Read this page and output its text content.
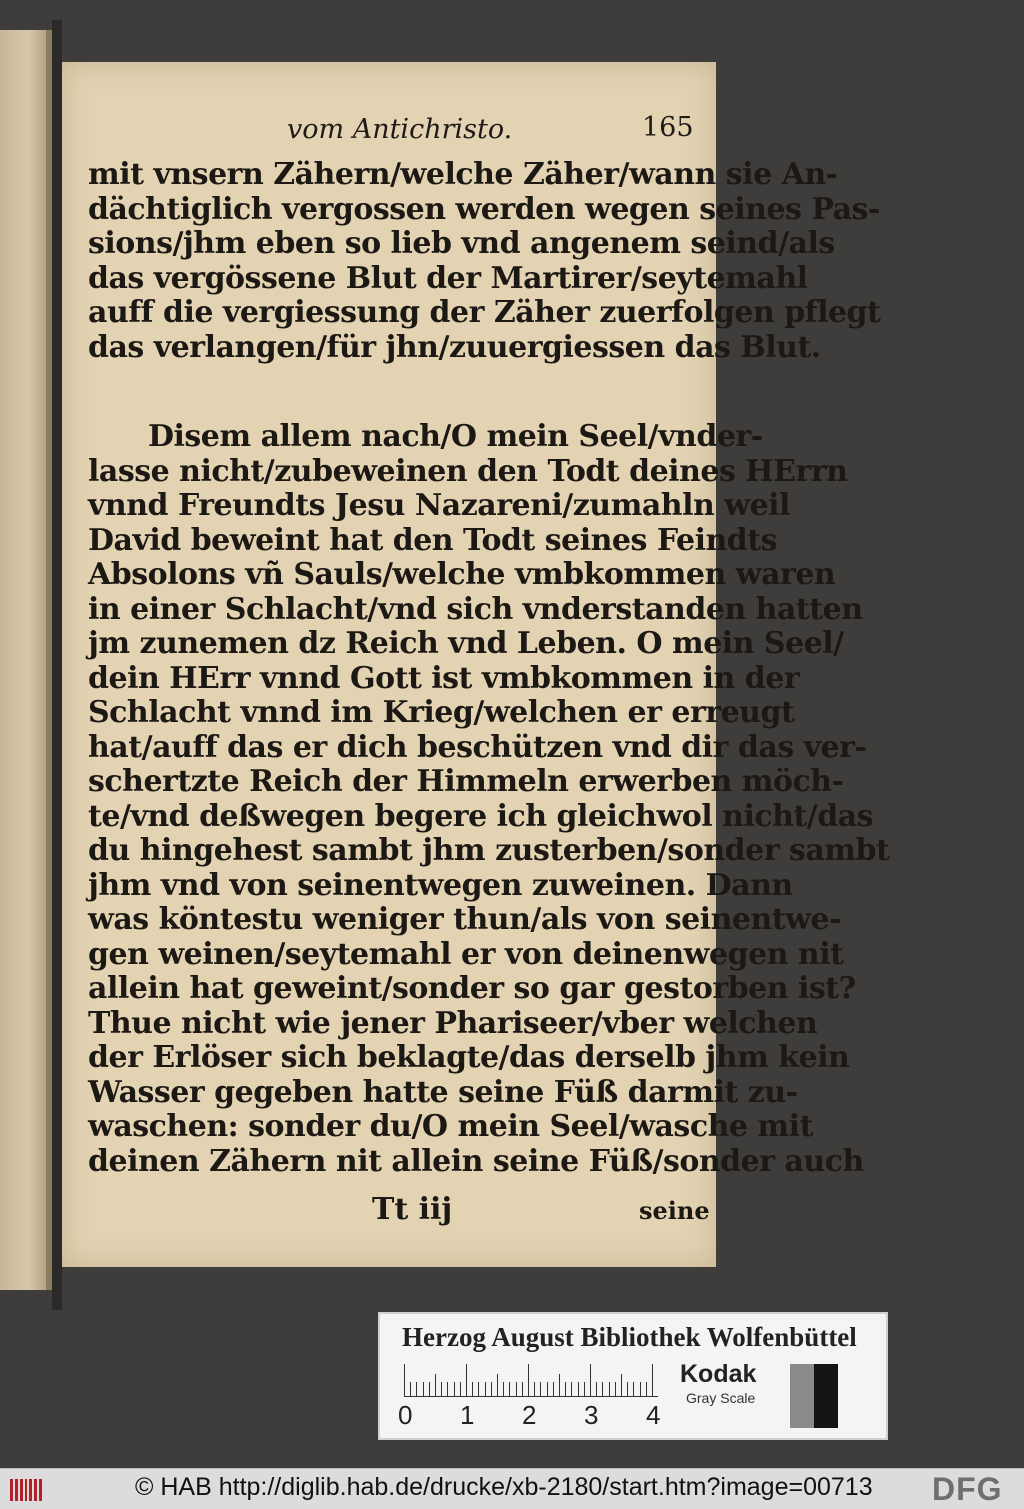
vom Antichristo.	165
mit vnsern Zähern/welche Zäher/wann sie An-
dächtiglich vergossen werden wegen seines Pas-
sions/jhm eben so lieb vnd angenem seind/als
das vergössene Blut der Martirer/seytemahl
auff die vergiessung der Zäher zuerfolgen pflegt
das verlangen/für jhn/zuuergiessen das Blut.
Disem allem nach/O mein Seel/vnder-
lasse nicht/zubeweinen den Todt deines HErrn
vnnd Freundts Jesu Nazareni/zumahln weil
David beweint hat den Todt seines Feindts
Absolons vñ Sauls/welche vmbkommen waren
in einer Schlacht/vnd sich vnderstanden hatten
jm zunemen dz Reich vnd Leben. O mein Seel/
dein HErr vnnd Gott ist vmbkommen in der
Schlacht vnnd im Krieg/welchen er erreugt
hat/auff das er dich beschützen vnd dir das ver-
schertzte Reich der Himmeln erwerben möch-
te/vnd deßwegen begere ich gleichwol nicht/das
du hingehest sambt jhm zusterben/sonder sambt
jhm vnd von seinentwegen zuweinen. Dann
was köntestu weniger thun/als von seinentwe-
gen weinen/seytemahl er von deinenwegen nit
allein hat geweint/sonder so gar gestorben ist?
Thue nicht wie jener Phariseer/vber welchen
der Erlöser sich beklagte/das derselb jhm kein
Wasser gegeben hatte seine Füß darmit zu-
waschen: sonder du/O mein Seel/wasche mit
deinen Zähern nit allein seine Füß/sonder auch
Tt iij	seine
Herzog August Bibliothek Wolfenbüttel
0 1 2 3 4
Kodak
Gray Scale
© HAB http://diglib.hab.de/drucke/xb-2180/start.htm?image=00713 DFG
